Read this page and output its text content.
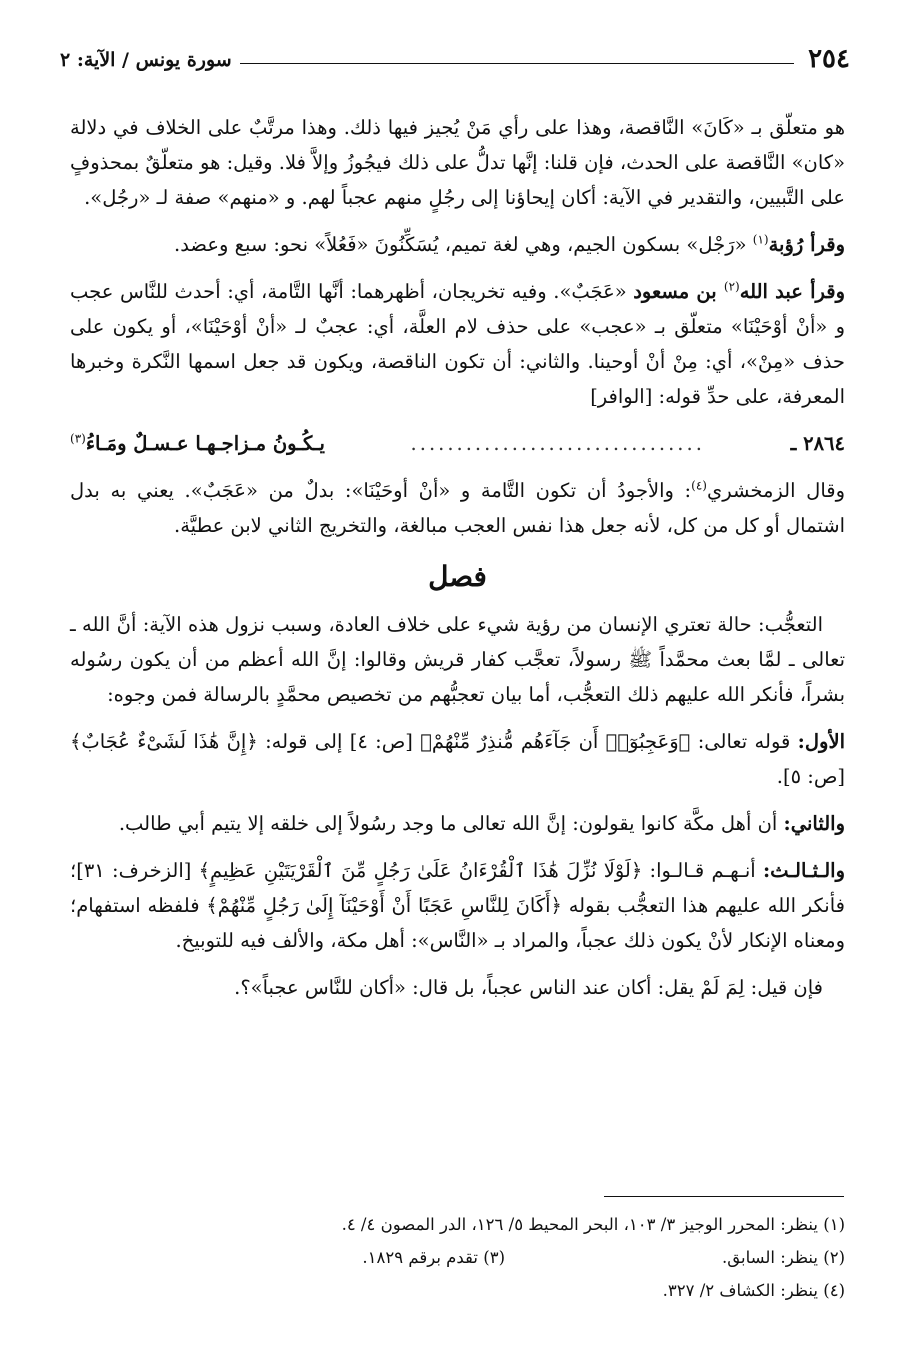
٢٥٤
سورة يونس / الآية: ٢

هو متعلّق بـ «كَانَ» النَّاقصة، وهذا على رأي مَنْ يُجيز فيها ذلك. وهذا مرتَّبٌ على الخلاف في دلالة «كان» النَّاقصة على الحدث، فإن قلنا: إنَّها تدلُّ على ذلك فيجُوزُ وإلاَّ فلا. وقيل: هو متعلّقٌ بمحذوفٍ على التَّبيين، والتقدير في الآية: أكان إيحاؤنا إلى رجُلٍ منهم عجباً لهم. و «منهم» صفة لـ «رجُل».

وقرأ رُؤبة$^{(١)}$ «رَجْل» بسكون الجيم، وهي لغة تميم، يُسَكِّنُونَ «فَعُلاً» نحو: سبع وعضد.

وقرأ عبد الله$^{(٢)}$ بن مسعود «عَجَبٌ». وفيه تخريجان، أظهرهما: أنَّها التَّامة، أي: أحدث للنَّاس عجب و «أنْ أوْحَيْنَا» متعلّق بـ «عجب» على حذف لام العلَّة، أي: عجبٌ لـ «أنْ أوْحَيْنَا»، أو يكون على حذف «مِنْ»، أي: مِنْ أنْ أوحينا. والثاني: أن تكون الناقصة، ويكون قد جعل اسمها النَّكرة وخبرها المعرفة، على حدِّ قوله: [الوافر]

٢٨٦٤ ـ
................................
يـكُـونُ مـزاجـهـا عـسـلٌ ومَـاءُ$^{(٣)}$

وقال الزمخشري$^{(٤)}$: والأجودُ أن تكون التَّامة و «أنْ أوحَيْنَا»: بدلٌ من «عَجَبٌ». يعني به بدل اشتمال أو كل من كل، لأنه جعل هذا نفس العجب مبالغة، والتخريج الثاني لابن عطيَّة.

فصل

التعجُّب: حالة تعتري الإنسان من رؤية شيء على خلاف العادة، وسبب نزول هذه الآية: أنَّ الله ـ تعالى ـ لمَّا بعث محمَّداً ﷺ رسولاً، تعجَّب كفار قريش وقالوا: إنَّ الله أعظم من أن يكون رسُوله بشراً، فأنكر الله عليهم ذلك التعجُّب، أما بيان تعجبُّهم من تخصيص محمَّدٍ بالرسالة فمن وجوه:

الأول: قوله تعالى: ﴿وَعَجِبُوٓا۟ أَن جَآءَهُم مُّنذِرٌ مِّنْهُمْ﴾ [ص: ٤] إلى قوله: ﴿إِنَّ هَٰذَا لَشَىْءٌ عُجَابٌ﴾ [ص: ٥].

والثاني: أن أهل مكَّة كانوا يقولون: إنَّ الله تعالى ما وجد رسُولاً إلى خلقه إلا يتيم أبي طالب.

والـثـالـث: أنـهـم قـالـوا: ﴿لَوْلَا نُزِّلَ هَٰذَا ٱلْقُرْءَانُ عَلَىٰ رَجُلٍ مِّنَ ٱلْقَرْيَتَيْنِ عَظِيمٍ﴾ [الزخرف: ٣١]؛ فأنكر الله عليهم هذا التعجُّب بقوله ﴿أَكَانَ لِلنَّاسِ عَجَبًا أَنْ أَوْحَيْنَآ إِلَىٰ رَجُلٍ مِّنْهُمْ﴾ فلفظه استفهام؛ ومعناه الإنكار لأنْ يكون ذلك عجباً، والمراد بـ «النَّاس»: أهل مكة، والألف فيه للتوبيخ.

فإن قيل: لِمَ لَمْ يقل: أكان عند الناس عجباً، بل قال: «أكان للنَّاس عجباً»؟.

(١) ينظر: المحرر الوجيز ٣/ ١٠٣، البحر المحيط ٥/ ١٢٦، الدر المصون ٤/ ٤.
(٢) ينظر: السابق.
(٣) تقدم برقم ١٨٢٩.
(٤) ينظر: الكشاف ٢/ ٣٢٧.
